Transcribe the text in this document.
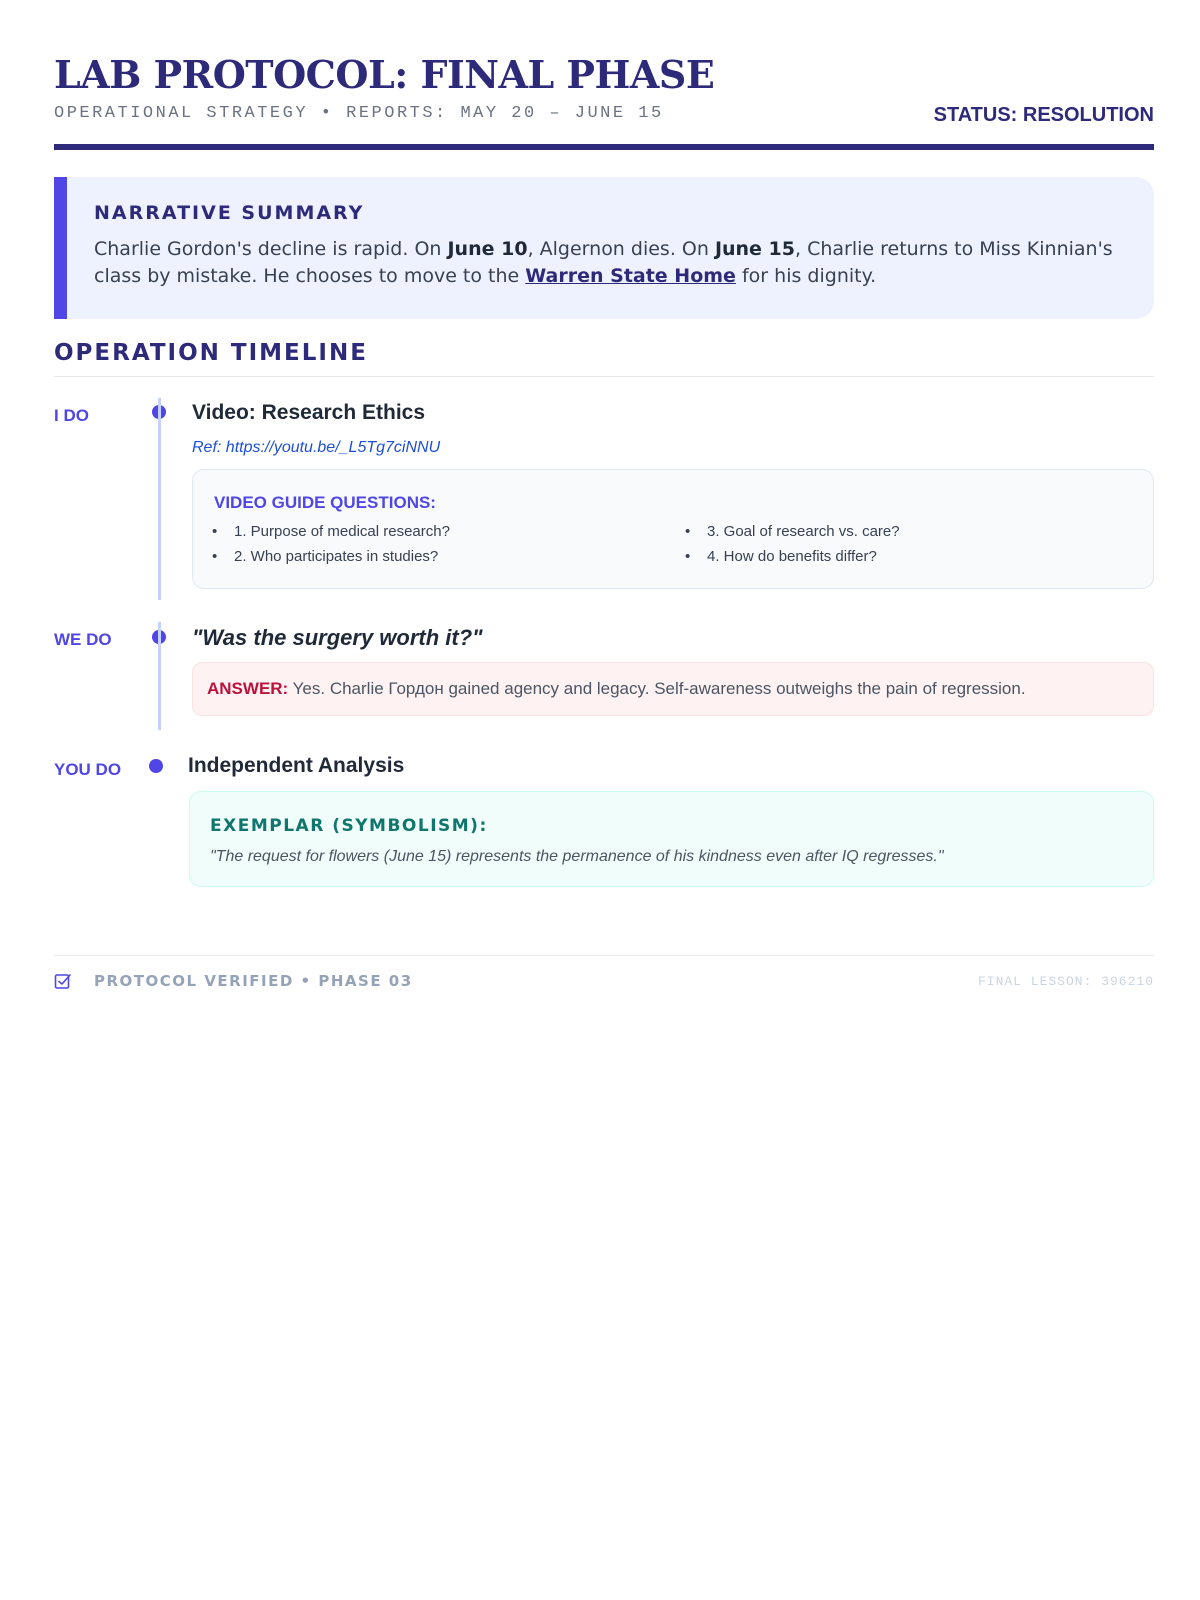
LAB PROTOCOL: FINAL PHASE
OPERATIONAL STRATEGY • REPORTS: MAY 20 – JUNE 15	STATUS: RESOLUTION
NARRATIVE SUMMARY
Charlie Gordon's decline is rapid. On June 10, Algernon dies. On June 15, Charlie returns to Miss Kinnian's class by mistake. He chooses to move to the Warren State Home for his dignity.
OPERATION TIMELINE
I DO	Video: Research Ethics
Ref: https://youtu.be/_L5Tg7ciNNU
VIDEO GUIDE QUESTIONS:
• 1. Purpose of medical research?
• 2. Who participates in studies?
• 3. Goal of research vs. care?
• 4. How do benefits differ?
WE DO	"Was the surgery worth it?"
ANSWER: Yes. Charlie Гордон gained agency and legacy. Self-awareness outweighs the pain of regression.
YOU DO	Independent Analysis
EXEMPLAR (SYMBOLISM):
"The request for flowers (June 15) represents the permanence of his kindness even after IQ regresses."
PROTOCOL VERIFIED • PHASE 03	FINAL LESSON: 396210
